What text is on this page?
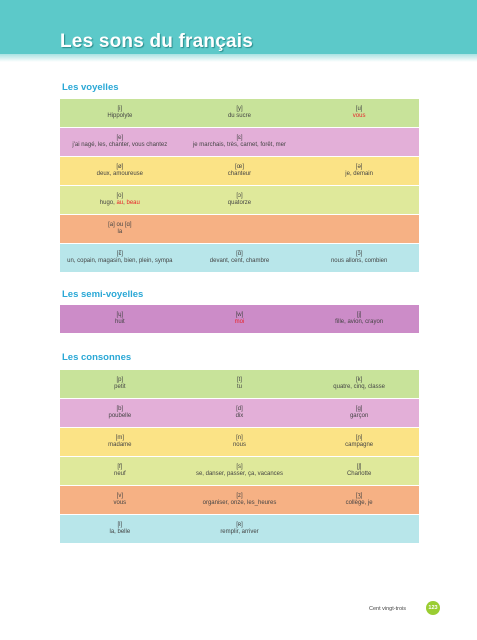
Les sons du français
Les voyelles
[i]
Hippolyte
[y]
du sucre
[u]
vous
[e]
j'ai nagé, les, chanter, vous chantez
[ɛ]
je marchais, très, carnet, forêt, mer
[ø]
deux, amoureuse
[œ]
chanteur
[ə]
je, demain
[o]
hugo, au, beau
[ɔ]
quatorze
[a] ou [ɑ]
la
[ɛ̃]
un, copain, magasin, bien, plein, sympa
[ɑ̃]
devant, cent, chambre
[ɔ̃]
nous allons, combien
Les semi-voyelles
[ɥ]
huit
[w]
moi
[j]
fille, avion, crayon
Les consonnes
[p]
petit
[t]
tu
[k]
quatre, cinq, classe
[b]
poubelle
[d]
dix
[g]
garçon
[m]
madame
[n]
nous
[ɲ]
campagne
[f]
neuf
[s]
se, danser, passer, ça, vacances
[ʃ]
Charlotte
[v]
vous
[z]
organiser, onze, les_heures
[ʒ]
collège, je
[l]
la, belle
[ʀ]
remplir, arriver
Cent vingt-trois	123
